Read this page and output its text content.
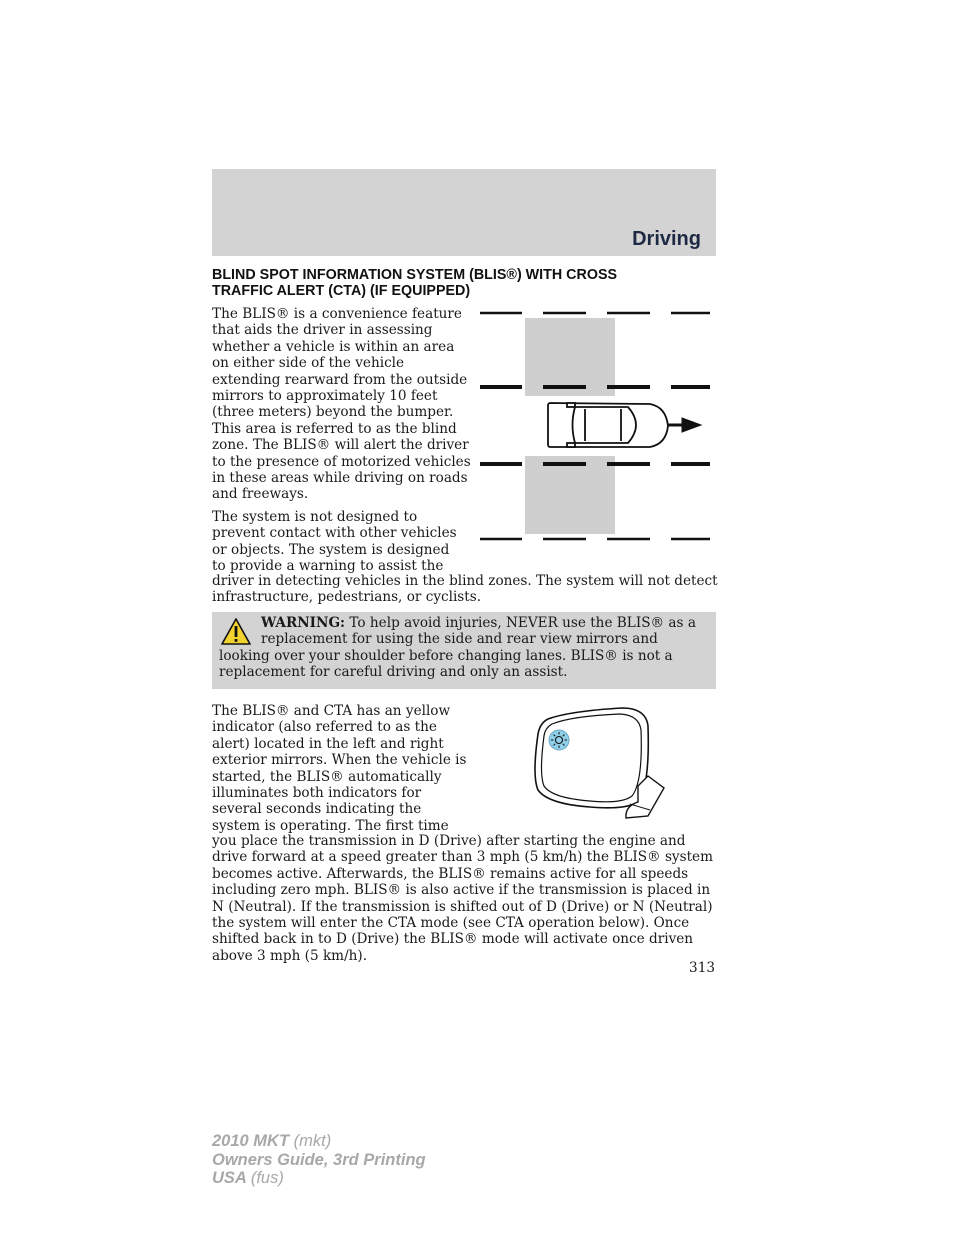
Driving
BLIND SPOT INFORMATION SYSTEM (BLIS®) WITH CROSS
TRAFFIC ALERT (CTA) (IF EQUIPPED)
The BLIS® is a convenience feature that aids the driver in assessing whether a vehicle is within an area on either side of the vehicle extending rearward from the outside mirrors to approximately 10 feet (three meters) beyond the bumper. This area is referred to as the blind zone. The BLIS® will alert the driver to the presence of motorized vehicles in these areas while driving on roads and freeways.
The system is not designed to prevent contact with other vehicles or objects. The system is designed to provide a warning to assist the
driver in detecting vehicles in the blind zones. The system will not detect infrastructure, pedestrians, or cyclists.
WARNING: To help avoid injuries, NEVER use the BLIS® as a replacement for using the side and rear view mirrors and looking over your shoulder before changing lanes. BLIS® is not a replacement for careful driving and only an assist.
The BLIS® and CTA has an yellow indicator (also referred to as the alert) located in the left and right exterior mirrors. When the vehicle is started, the BLIS® automatically illuminates both indicators for several seconds indicating the system is operating. The first time
you place the transmission in D (Drive) after starting the engine and drive forward at a speed greater than 3 mph (5 km/h) the BLIS® system becomes active. Afterwards, the BLIS® remains active for all speeds including zero mph. BLIS® is also active if the transmission is placed in N (Neutral). If the transmission is shifted out of D (Drive) or N (Neutral) the system will enter the CTA mode (see CTA operation below). Once shifted back in to D (Drive) the BLIS® mode will activate once driven above 3 mph (5 km/h).
313
2010 MKT (mkt)
Owners Guide, 3rd Printing
USA (fus)
